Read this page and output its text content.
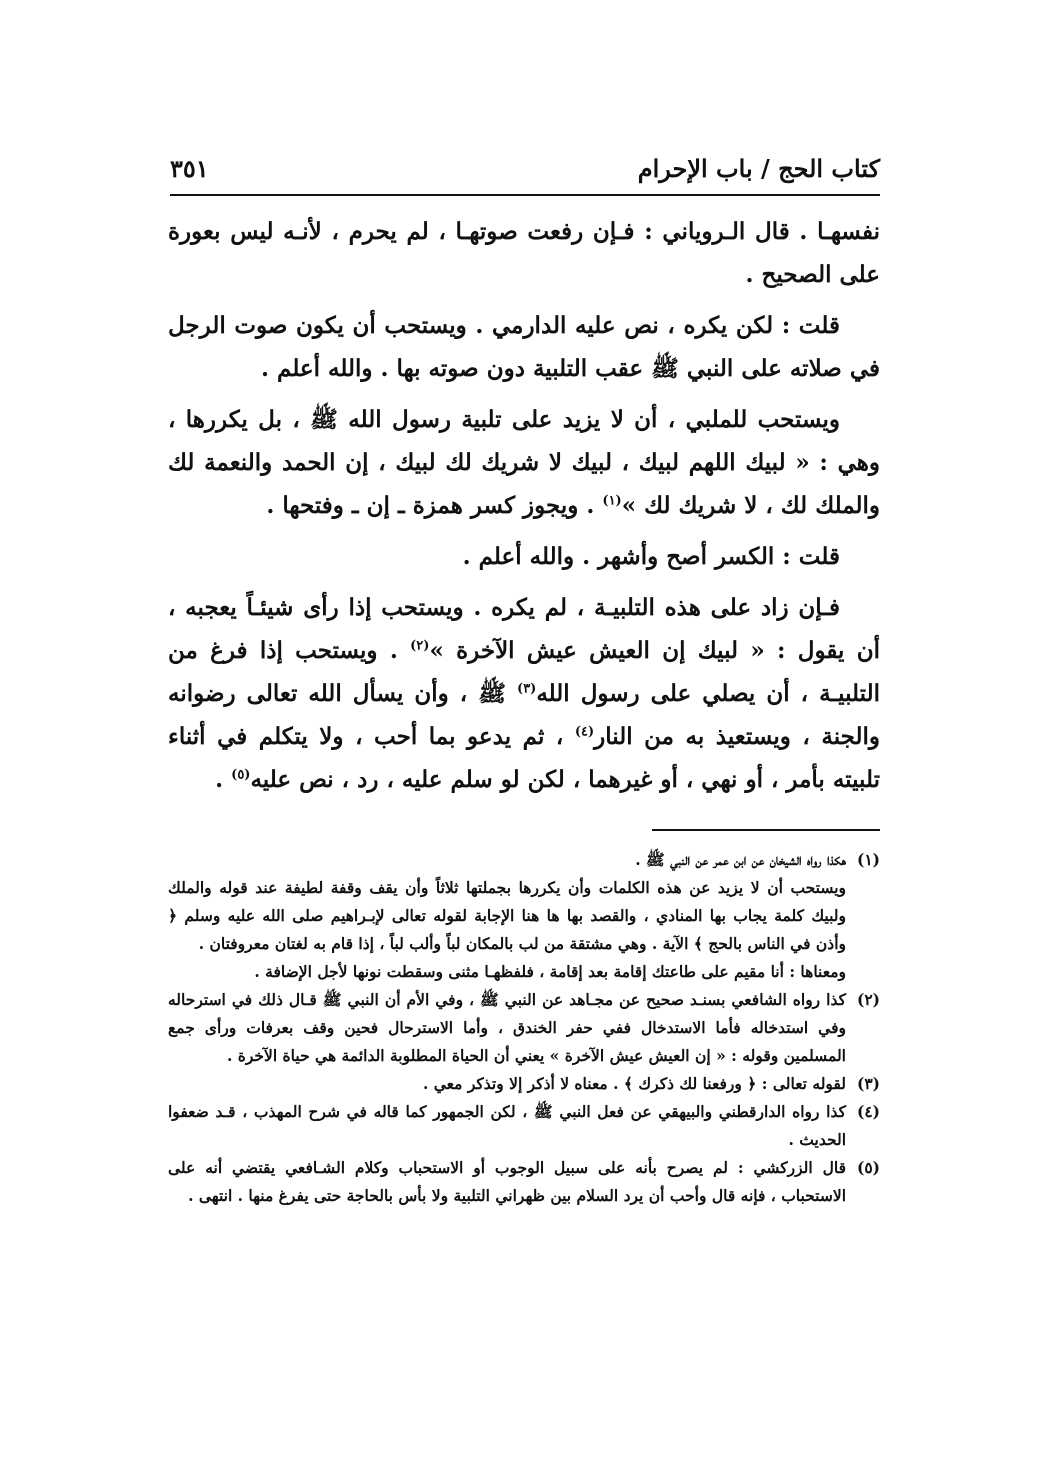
كتاب الحج / باب الإحرام
٣٥١

نفسهـا . قال الـروياني : فـإن رفعت صوتهـا ، لم يحرم ، لأنـه ليس بعورة على الصحيح .

قلت : لكن يكره ، نص عليه الدارمي . ويستحب أن يكون صوت الرجل في صلاته على النبي ﷺ عقب التلبية دون صوته بها . والله أعلم .

ويستحب للملبي ، أن لا يزيد على تلبية رسول الله ﷺ ، بل يكررها ، وهي : « لبيك اللهم لبيك ، لبيك لا شريك لك لبيك ، إن الحمد والنعمة لك والملك لك ، لا شريك لك »$^{(١)}$ . ويجوز كسر همزة ـ إن ـ وفتحها .

قلت : الكسر أصح وأشهر . والله أعلم .

فـإن زاد على هذه التلبيـة ، لم يكره . ويستحب إذا رأى شيئـاً يعجبه ، أن يقول : « لبيك إن العيش عيش الآخرة »$^{(٢)}$ . ويستحب إذا فرغ من التلبيـة ، أن يصلي على رسول الله$^{(٣)}$ ﷺ ، وأن يسأل الله تعالى رضوانه والجنة ، ويستعيذ به من النار$^{(٤)}$ ، ثم يدعو بما أحب ، ولا يتكلم في أثناء تلبيته بأمر ، أو نهي ، أو غيرهما ، لكن لو سلم عليه ، رد ، نص عليه$^{(٥)}$ .

(١)

هكذا رواه الشيخان عن ابن عمر عن النبي ﷺ .

ويستحب أن لا يزيد عن هذه الكلمات وأن يكررها بجملتها ثلاثاً وأن يقف وقفة لطيفة عند قوله والملك ولبيك كلمة يجاب بها المنادي ، والقصد بها ها هنا الإجابة لقوله تعالى لإبـراهيم صلى الله عليه وسلم ﴿ وأذن في الناس بالحج ﴾ الآية . وهي مشتقة من لب بالمكان لباً وألب لباً ، إذا قام به لغتان معروفتان .

ومعناها : أنا مقيم على طاعتك إقامة بعد إقامة ، فلفظهـا مثنى وسقطت نونها لأجل الإضافة .

(٢)

كذا رواه الشافعي بسنـد صحيح عن مجـاهد عن النبي ﷺ ، وفي الأم أن النبي ﷺ قـال ذلك في استرحاله وفي استدخاله فأما الاستدخال ففي حفر الخندق ، وأما الاسترحال فحين وقف بعرفات ورأى جمع المسلمين وقوله : « إن العيش عيش الآخرة » يعني أن الحياة المطلوبة الدائمة هي حياة الآخرة .

(٣)

لقوله تعالى : ﴿ ورفعنا لك ذكرك ﴾ . معناه لا أذكر إلا وتذكر معي .

(٤)

كذا رواه الدارقطني والبيهقي عن فعل النبي ﷺ ، لكن الجمهور كما قاله في شرح المهذب ، قـد ضعفوا الحديث .

(٥)

قال الزركشي : لم يصرح بأنه على سبيل الوجوب أو الاستحباب وكلام الشـافعي يقتضي أنه على الاستحباب ، فإنه قال وأحب أن يرد السلام بين ظهراني التلبية ولا بأس بالحاجة حتى يفرغ منها . انتهى .
